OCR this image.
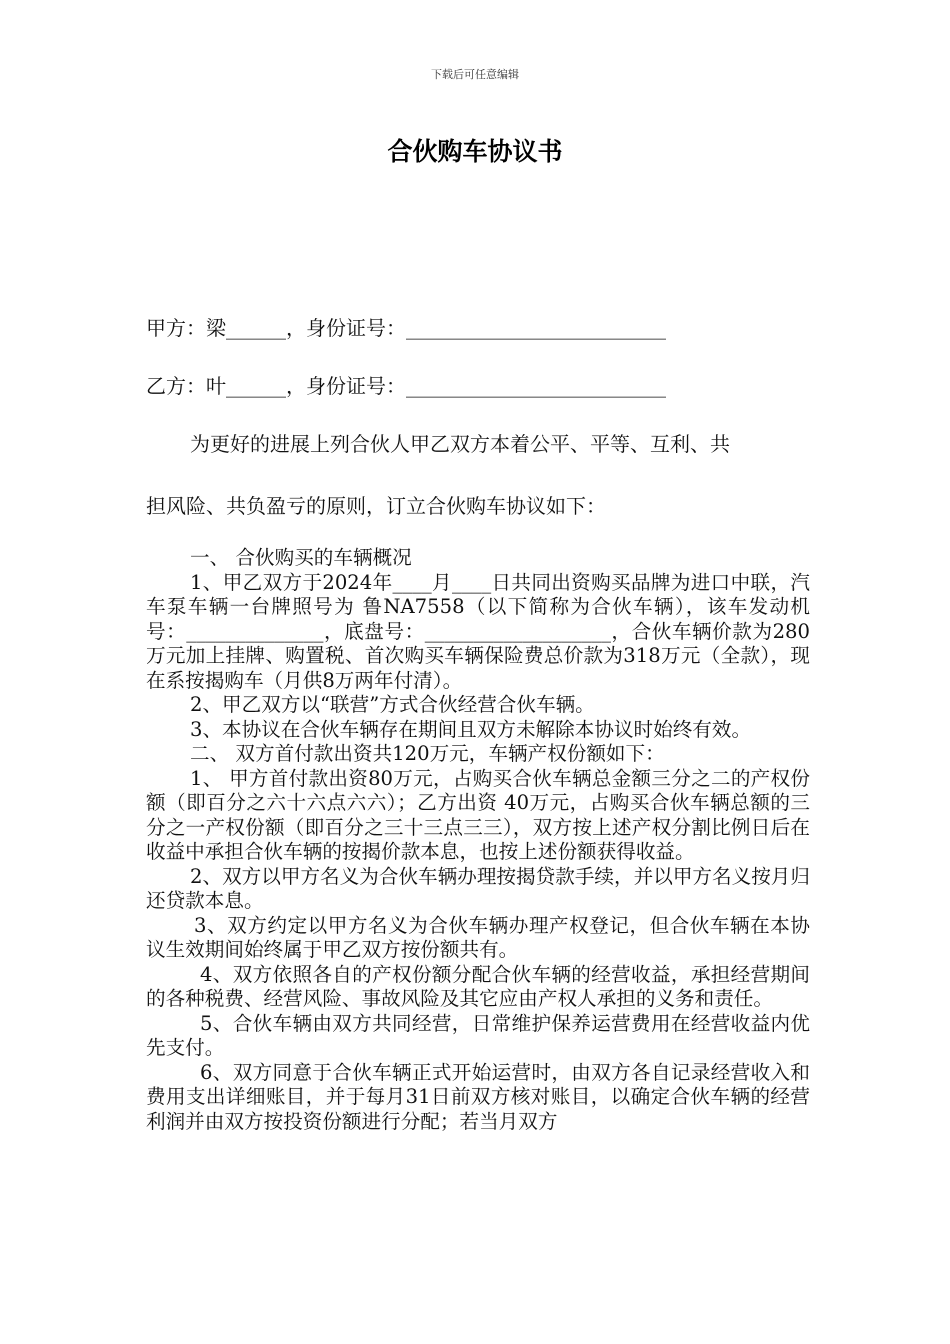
下载后可任意编辑
合伙购车协议书
甲方：梁______，身份证号：__________________________
乙方：叶______，身份证号：__________________________
为更好的进展上列合伙人甲乙双方本着公平、平等、互利、共
担风险、共负盈亏的原则，订立合伙购车协议如下：

一、 合伙购买的车辆概况

1、甲乙双方于2024年____月____日共同出资购买品牌为进口中联，汽车泵车辆一台牌照号为 鲁NA7558（以下简称为合伙车辆），该车发动机号：______________，底盘号：___________________，合伙车辆价款为280万元加上挂牌、购置税、首次购买车辆保险费总价款为318万元（全款），现在系按揭购车（月供8万两年付清）。

2、甲乙双方以“联营”方式合伙经营合伙车辆。

3、本协议在合伙车辆存在期间且双方未解除本协议时始终有效。

二、 双方首付款出资共120万元，车辆产权份额如下：

1、 甲方首付款出资80万元，占购买合伙车辆总金额三分之二的产权份额（即百分之六十六点六六）；乙方出资 40万元，占购买合伙车辆总额的三分之一产权份额（即百分之三十三点三三），双方按上述产权分割比例日后在收益中承担合伙车辆的按揭价款本息，也按上述份额获得收益。

2、双方以甲方名义为合伙车辆办理按揭贷款手续，并以甲方名义按月归还贷款本息。

3、双方约定以甲方名义为合伙车辆办理产权登记，但合伙车辆在本协议生效期间始终属于甲乙双方按份额共有。

4、双方依照各自的产权份额分配合伙车辆的经营收益，承担经营期间的各种税费、经营风险、事故风险及其它应由产权人承担的义务和责任。

5、合伙车辆由双方共同经营，日常维护保养运营费用在经营收益内优先支付。

6、双方同意于合伙车辆正式开始运营时，由双方各自记录经营收入和费用支出详细账目，并于每月31日前双方核对账目，以确定合伙车辆的经营利润并由双方按投资份额进行分配；若当月双方
